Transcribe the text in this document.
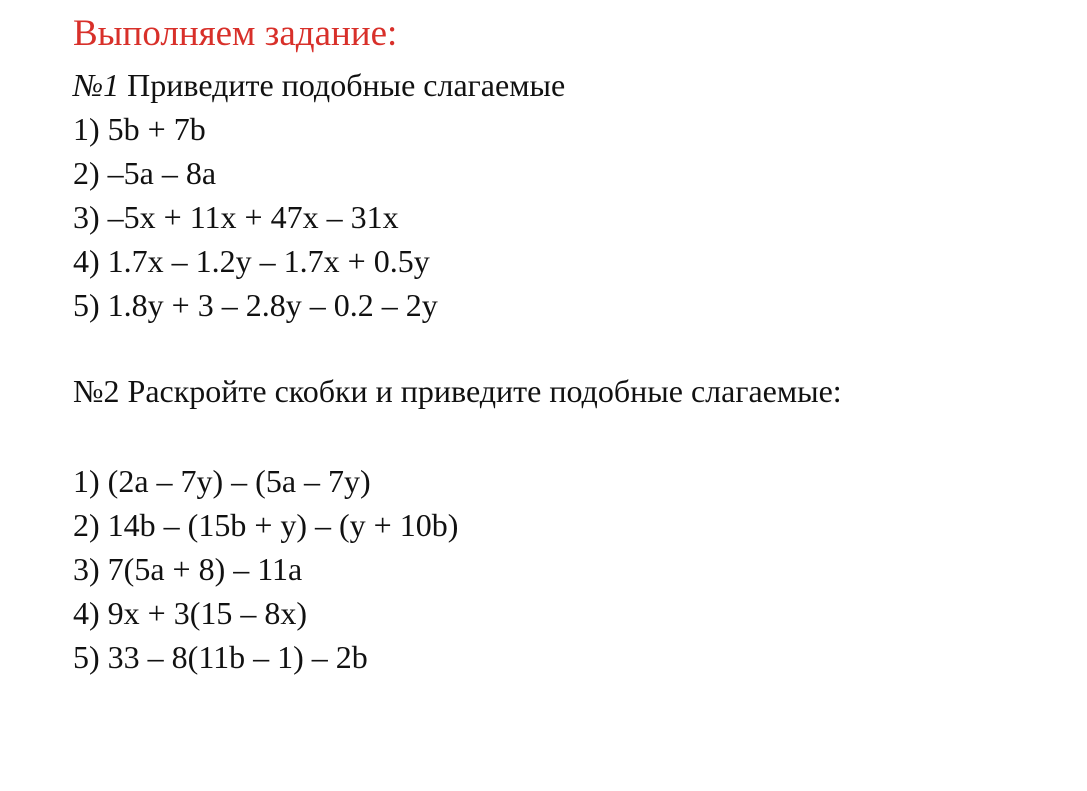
Выполняем задание:
№1 Приведите подобные слагаемые
1) 5b + 7b
2) –5a – 8a
3) –5x + 11x + 47x – 31x
4) 1.7x – 1.2y – 1.7x + 0.5y
5) 1.8y + 3 – 2.8y – 0.2 – 2y
№2 Раскройте скобки и приведите подобные слагаемые:
1) (2a – 7y) – (5a – 7y)
2) 14b – (15b + y) – (y + 10b)
3) 7(5a + 8) – 11a
4) 9x + 3(15 – 8x)
5) 33 – 8(11b – 1) – 2b
